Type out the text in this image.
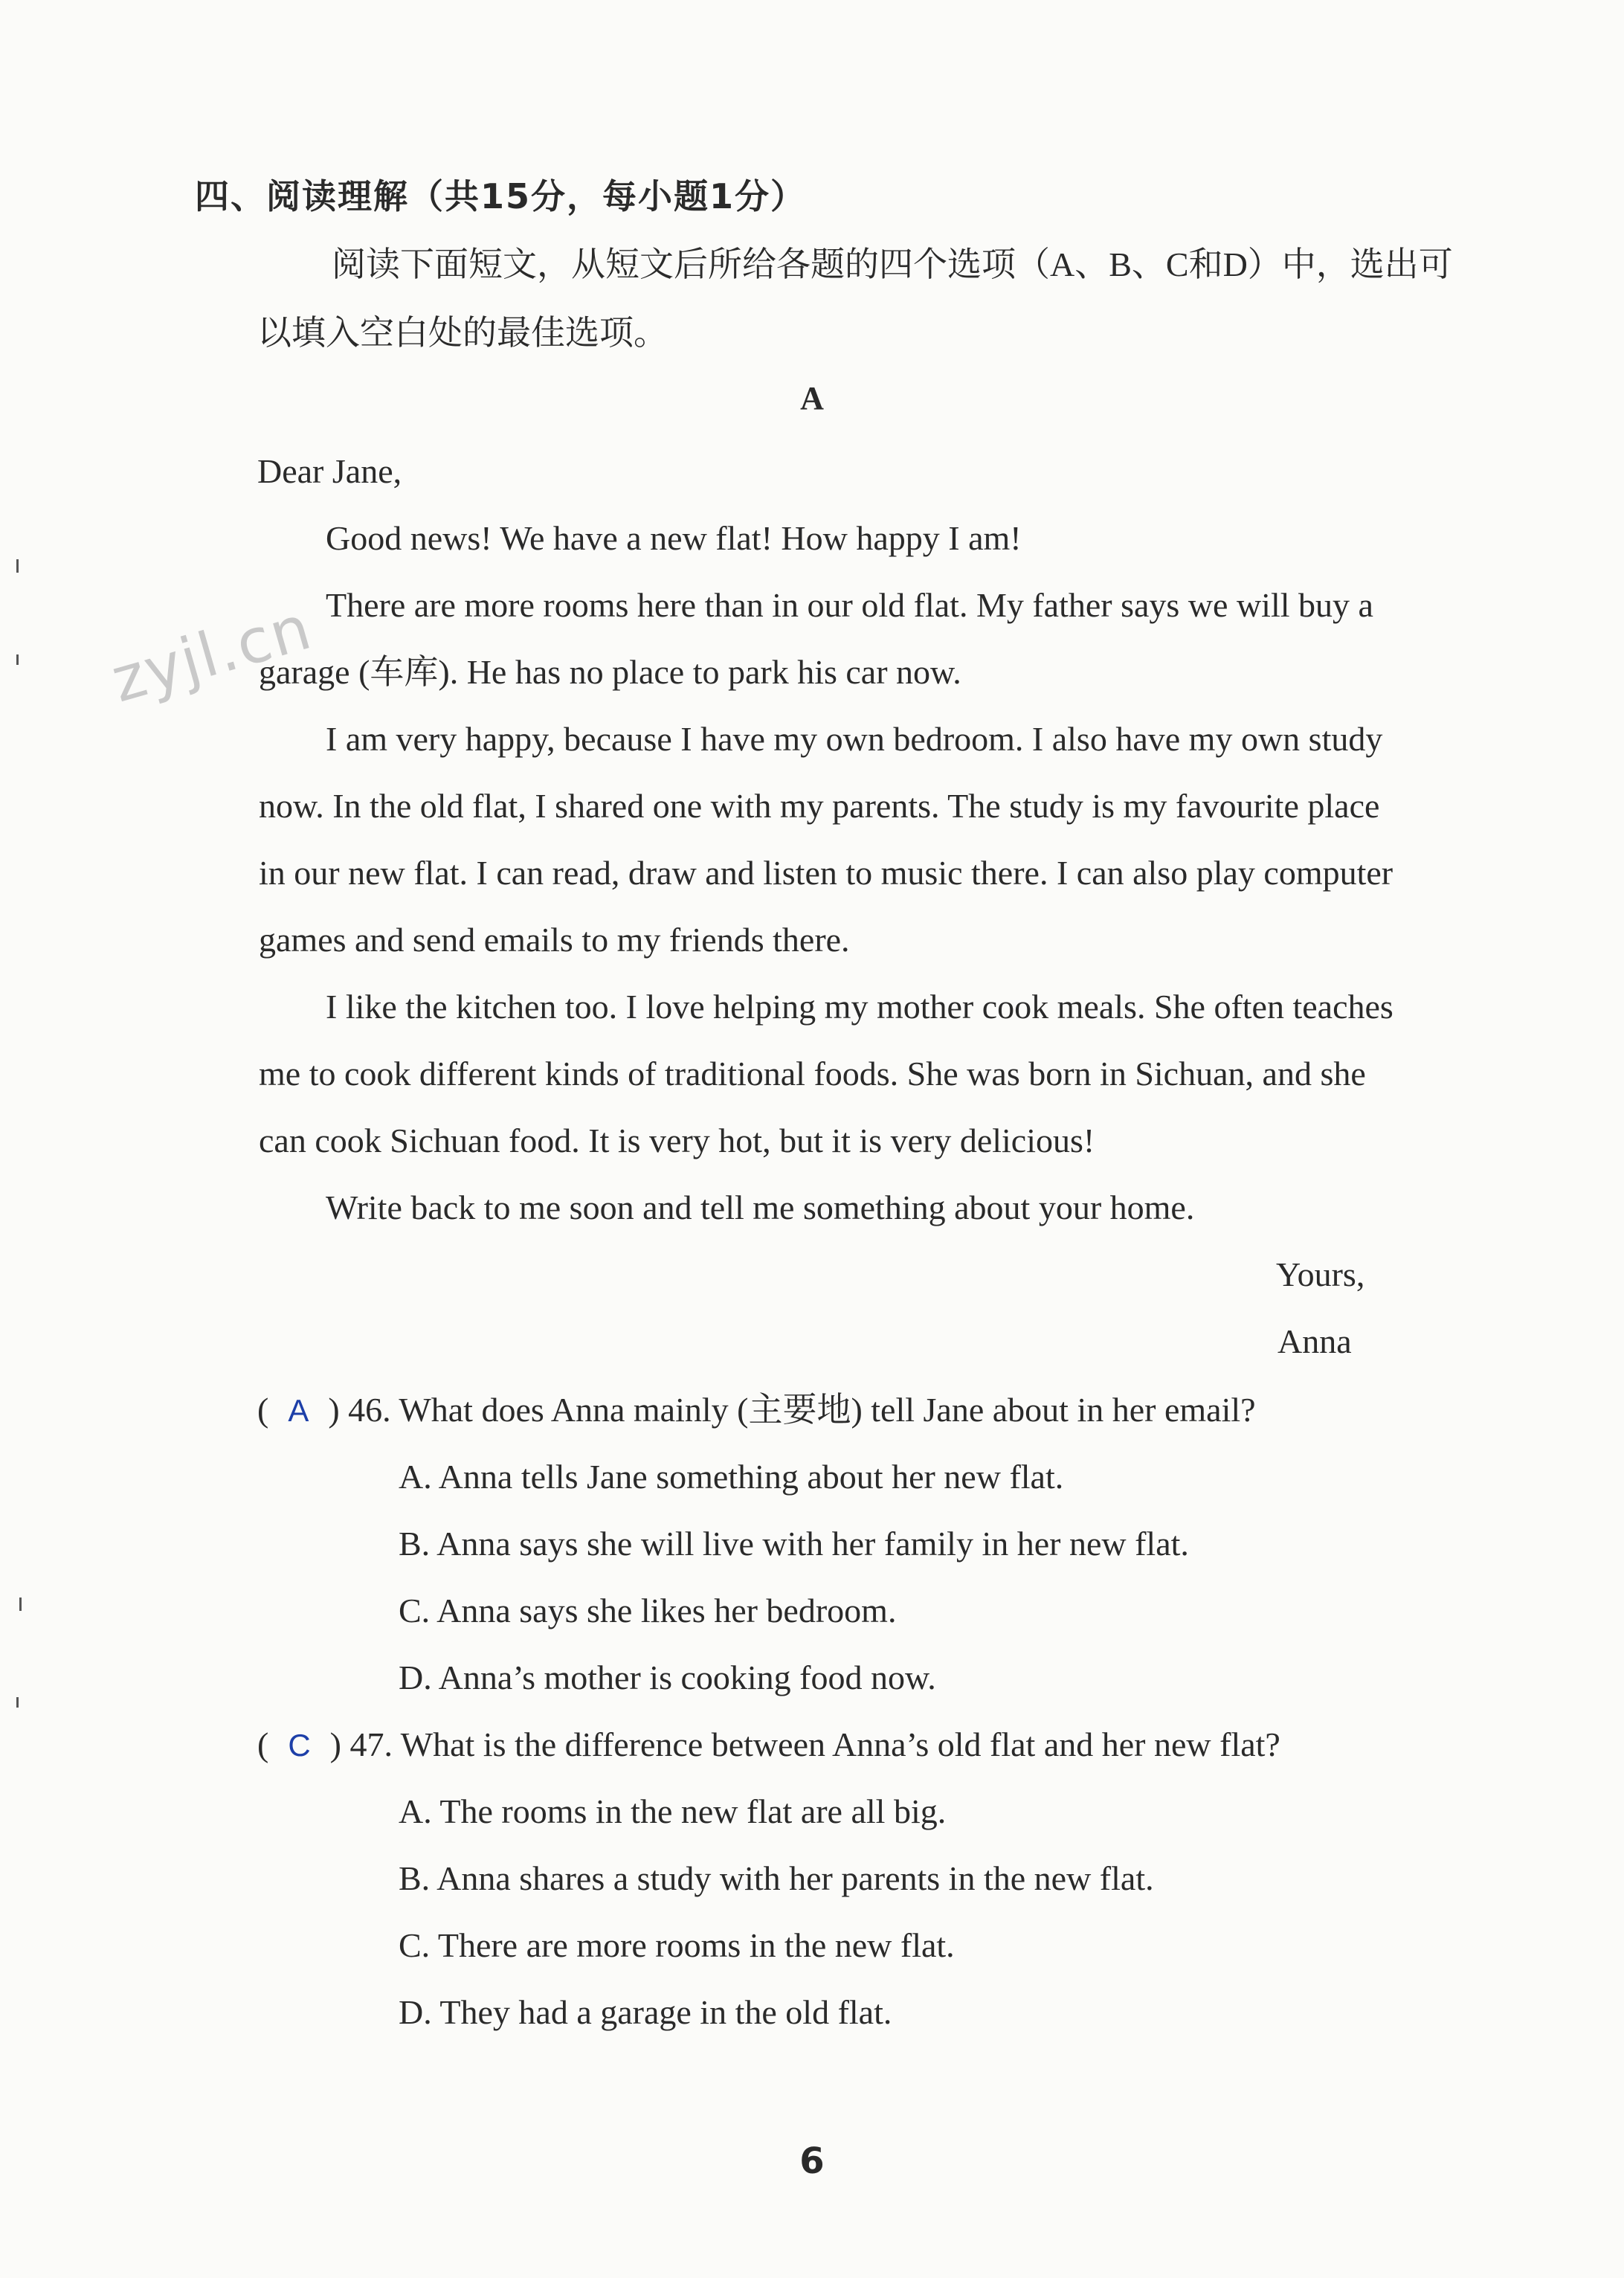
zyjl.cn
四、阅读理解（共15分，每小题1分）
阅读下面短文，从短文后所给各题的四个选项（A、B、C和D）中，选出可
以填入空白处的最佳选项。
A
Dear Jane,
Good news! We have a new flat! How happy I am!
There are more rooms here than in our old flat. My father says we will buy a
garage (车库). He has no place to park his car now.
I am very happy, because I have my own bedroom. I also have my own study
now. In the old flat, I shared one with my parents. The study is my favourite place
in our new flat. I can read, draw and listen to music there. I can also play computer
games and send emails to my friends there.
I like the kitchen too. I love helping my mother cook meals. She often teaches
me to cook different kinds of traditional foods. She was born in Sichuan, and she
can cook Sichuan food. It is very hot, but it is very delicious!
Write back to me soon and tell me something about your home.
Yours,
Anna
( A ) 46. What does Anna mainly (主要地) tell Jane about in her email?
A. Anna tells Jane something about her new flat.
B. Anna says she will live with her family in her new flat.
C. Anna says she likes her bedroom.
D. Anna’s mother is cooking food now.
( C ) 47. What is the difference between Anna’s old flat and her new flat?
A. The rooms in the new flat are all big.
B. Anna shares a study with her parents in the new flat.
C. There are more rooms in the new flat.
D. They had a garage in the old flat.
6
